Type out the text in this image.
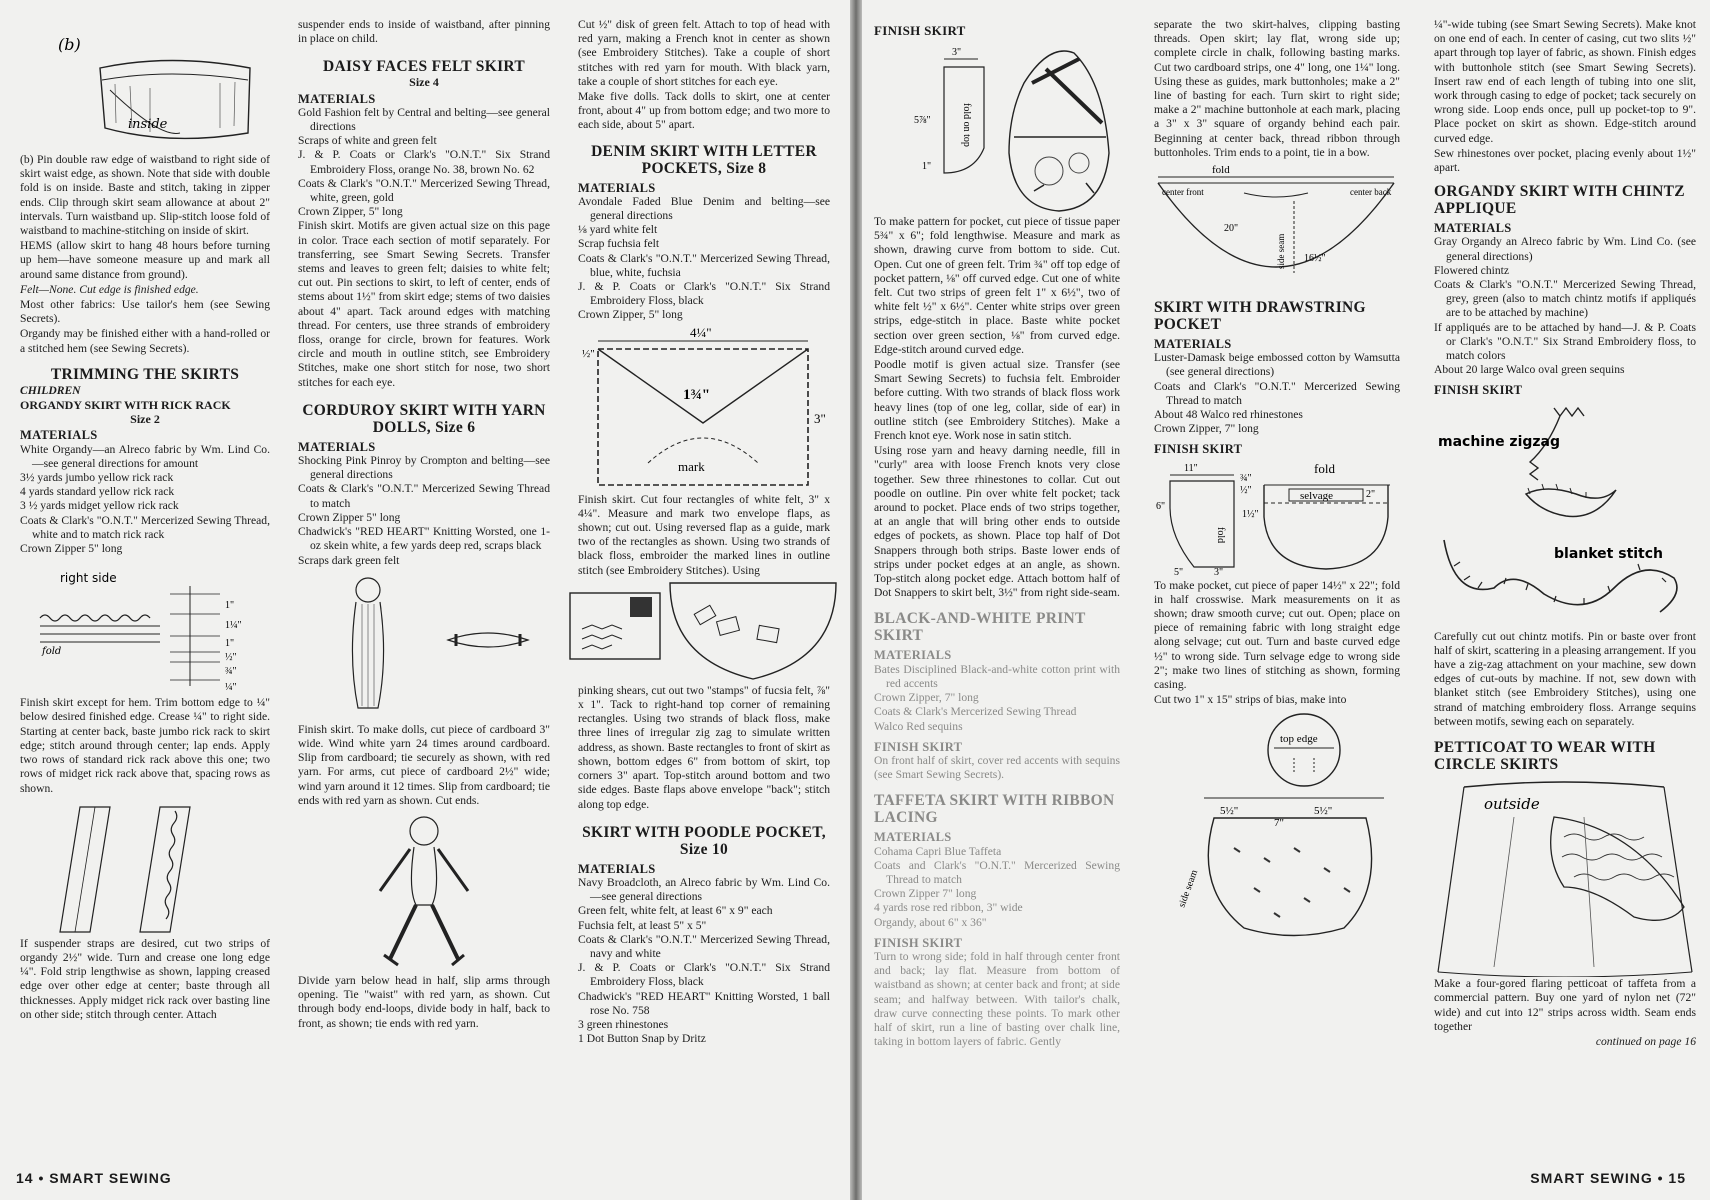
(b)
inside

(b) Pin double raw edge of waistband to right side of skirt waist edge, as shown. Note that side with double fold is on inside. Baste and stitch, taking in zipper ends. Clip through skirt seam allowance at about 2" intervals. Turn waistband up. Slip-stitch loose fold of waistband to machine-stitching on inside of skirt.

HEMS (allow skirt to hang 48 hours before turning up hem—have someone measure up and mark all around same distance from ground).

Felt—None. Cut edge is finished edge.

Most other fabrics: Use tailor's hem (see Sewing Secrets).

Organdy may be finished either with a hand-rolled or a stitched hem (see Sewing Secrets).

TRIMMING THE SKIRTS
CHILDREN
ORGANDY SKIRT WITH RICK RACK
Size 2
MATERIALS
White Organdy—an Alreco fabric by Wm. Lind Co.—see general directions for amount
3½ yards jumbo yellow rick rack
4 yards standard yellow rick rack
3 ½ yards midget yellow rick rack
Coats & Clark's "O.N.T." Mercerized Sewing Thread, white and to match rick rack
Crown Zipper 5" long
right side
fold
1"
1¼"
1"
½"
¾"
¼"

Finish skirt except for hem. Trim bottom edge to ¼" below desired finished edge. Crease ¼" to right side. Starting at center back, baste jumbo rick rack to skirt edge; stitch around through center; lap ends. Apply two rows of standard rick rack above this one; two rows of midget rick rack above that, spacing rows as shown.

If suspender straps are desired, cut two strips of organdy 2½" wide. Turn and crease one long edge ¼". Fold strip lengthwise as shown, lapping creased edge over other edge at center; baste through all thicknesses. Apply midget rick rack over basting line on other side; stitch through center. Attach

suspender ends to inside of waistband, after pinning in place on child.

DAISY FACES FELT SKIRT
Size 4
MATERIALS
Gold Fashion felt by Central and belting—see general directions
Scraps of white and green felt
J. & P. Coats or Clark's "O.N.T." Six Strand Embroidery Floss, orange No. 38, brown No. 62
Coats & Clark's "O.N.T." Mercerized Sewing Thread, white, green, gold
Crown Zipper, 5" long

Finish skirt. Motifs are given actual size on this page in color. Trace each section of motif separately. For transferring, see Smart Sewing Secrets. Transfer stems and leaves to green felt; daisies to white felt; cut out. Pin sections to skirt, to left of center, ends of stems about 1½" from skirt edge; stems of two daisies about 4" apart. Tack around edges with matching thread. For centers, use three strands of embroidery floss, orange for circle, brown for features. Work circle and mouth in outline stitch, see Embroidery Stitches, make one short stitch for nose, two short stitches for each eye.

CORDUROY SKIRT WITH YARN DOLLS, Size 6
MATERIALS
Shocking Pink Pinroy by Crompton and belting—see general directions
Coats & Clark's "O.N.T." Mercerized Sewing Thread to match
Crown Zipper 5" long
Chadwick's "RED HEART" Knitting Worsted, one 1-oz skein white, a few yards deep red, scraps black
Scraps dark green felt

Finish skirt. To make dolls, cut piece of cardboard 3" wide. Wind white yarn 24 times around cardboard. Slip from cardboard; tie securely as shown, with red yarn. For arms, cut piece of cardboard 2½" wide; wind yarn around it 12 times. Slip from cardboard; tie ends with red yarn as shown. Cut ends.

Divide yarn below head in half, slip arms through opening. Tie "waist" with red yarn, as shown. Cut through body end-loops, divide body in half, back to front, as shown; tie ends with red yarn.

Cut ½" disk of green felt. Attach to top of head with red yarn, making a French knot in center as shown (see Embroidery Stitches). Take a couple of short stitches with red yarn for mouth. With black yarn, take a couple of short stitches for each eye.

Make five dolls. Tack dolls to skirt, one at center front, about 4" up from bottom edge; and two more to each side, about 5" apart.

DENIM SKIRT WITH LETTER POCKETS, Size 8
MATERIALS
Avondale Faded Blue Denim and belting—see general directions
⅛ yard white felt
Scrap fuchsia felt
Coats & Clark's "O.N.T." Mercerized Sewing Thread, blue, white, fuchsia
J. & P. Coats or Clark's "O.N.T." Six Strand Embroidery Floss, black
Crown Zipper, 5" long
4¼"
½"
1¾"
mark
3"

Finish skirt. Cut four rectangles of white felt, 3" x 4¼". Measure and mark two envelope flaps, as shown; cut out. Using reversed flap as a guide, mark two of the rectangles as shown. Using two strands of black floss, embroider the marked lines in outline stitch (see Embroidery Stitches). Using

pinking shears, cut out two "stamps" of fucsia felt, ⅞" x 1". Tack to right-hand top corner of remaining rectangles. Using two strands of black floss, make three lines of irregular zig zag to simulate written address, as shown. Baste rectangles to front of skirt as shown, bottom edges 6" from bottom of skirt, top corners 3" apart. Top-stitch around bottom and two side edges. Baste flaps above envelope "back"; stitch along top edge.

SKIRT WITH POODLE POCKET, Size 10
MATERIALS
Navy Broadcloth, an Alreco fabric by Wm. Lind Co.—see general directions
Green felt, white felt, at least 6" x 9" each
Fuchsia felt, at least 5" x 5"
Coats & Clark's "O.N.T." Mercerized Sewing Thread, navy and white
J. & P. Coats or Clark's "O.N.T." Six Strand Embroidery Floss, black
Chadwick's "RED HEART" Knitting Worsted, 1 ball rose No. 758
3 green rhinestones
1 Dot Button Snap by Dritz
14 • SMART SEWING
FINISH SKIRT
3"
5⅞"	fold on top
1"

To make pattern for pocket, cut piece of tissue paper 5¾" x 6"; fold lengthwise. Measure and mark as shown, drawing curve from bottom to side. Cut. Open. Cut one of green felt. Trim ¾" off top edge of pocket pattern, ⅛" off curved edge. Cut one of white felt. Cut two strips of green felt 1" x 6½", two of white felt ½" x 6½". Center white strips over green strips, edge-stitch in place. Baste white pocket section over green section, ⅛" from curved edge. Edge-stitch around curved edge.

Poodle motif is given actual size. Transfer (see Smart Sewing Secrets) to fuchsia felt. Embroider before cutting. With two strands of black floss work heavy lines (top of one leg, collar, side of ear) in outline stitch (see Embroidery Stitches). Make a French knot eye. Work nose in satin stitch.

Using rose yarn and heavy darning needle, fill in "curly" area with loose French knots very close together. Sew three rhinestones to collar. Cut out poodle on outline. Pin over white felt pocket; tack around to pocket. Place ends of two strips together, at an angle that will bring other ends to outside edges of pockets, as shown. Place top half of Dot Snappers through both strips. Baste lower ends of strips under pocket edges at an angle, as shown. Top-stitch along pocket edge. Attach bottom half of Dot Snappers to skirt belt, 3½" from right side-seam.

BLACK-AND-WHITE PRINT SKIRT
MATERIALS
Bates Disciplined Black-and-white cotton print with red accents
Crown Zipper, 7" long
Coats & Clark's Mercerized Sewing Thread
Walco Red sequins
FINISH SKIRT

On front half of skirt, cover red accents with sequins (see Smart Sewing Secrets).

TAFFETA SKIRT WITH RIBBON LACING
MATERIALS
Cohama Capri Blue Taffeta
Coats and Clark's "O.N.T." Mercerized Sewing Thread to match
Crown Zipper 7" long
4 yards rose red ribbon, 3" wide
Organdy, about 6" x 36"
FINISH SKIRT

Turn to wrong side; fold in half through center front and back; lay flat. Measure from bottom of waistband as shown; at center back and front; at side seam; and halfway between. With tailor's chalk, draw curve connecting these points. To mark other half of skirt, run a line of basting over chalk line, taking in bottom layers of fabric. Gently

separate the two skirt-halves, clipping basting threads. Open skirt; lay flat, wrong side up; complete circle in chalk, following basting marks. Cut two cardboard strips, one 4" long, one 1¼" long. Using these as guides, mark buttonholes; make a 2" line of basting for each. Turn skirt to right side; make a 2" machine buttonhole at each mark, placing a 3" x 3" square of organdy behind each pair. Beginning at center back, thread ribbon through buttonholes. Trim ends to a point, tie in a bow.

fold
center front	center back
side seam
20"
16½"
SKIRT WITH DRAWSTRING POCKET
MATERIALS
Luster-Damask beige embossed cotton by Wamsutta (see general directions)
Coats and Clark's "O.N.T." Mercerized Sewing Thread to match
About 48 Walco red rhinestones
Crown Zipper, 7" long
FINISH SKIRT
11"
6"
5"	3"
¾"
½"
fold
fold
selvage	2"
1½"

To make pocket, cut piece of paper 14½" x 22"; fold in half crosswise. Mark measurements on it as shown; draw smooth curve; cut out. Open; place on piece of remaining fabric with long straight edge along selvage; cut out. Turn and baste curved edge ½" to wrong side. Turn selvage edge to wrong side 2"; make two lines of stitching as shown, forming casing.

Cut two 1" x 15" strips of bias, make into

top edge
5½"	5½"
7"
side seam

¼"-wide tubing (see Smart Sewing Secrets). Make knot on one end of each. In center of casing, cut two slits ½" apart through top layer of fabric, as shown. Finish edges with buttonhole stitch (see Smart Sewing Secrets). Insert raw end of each length of tubing into one slit, work through casing to edge of pocket; tack securely on wrong side. Loop ends once, pull up pocket-top to 9". Place pocket on skirt as shown. Edge-stitch around curved edge.

Sew rhinestones over pocket, placing evenly about 1½" apart.

ORGANDY SKIRT WITH CHINTZ APPLIQUE
MATERIALS
Gray Organdy an Alreco fabric by Wm. Lind Co. (see general directions)
Flowered chintz
Coats & Clark's "O.N.T." Mercerized Sewing Thread, grey, green (also to match chintz motifs if appliqués are to be attached by machine)
If appliqués are to be attached by hand—J. & P. Coats or Clark's "O.N.T." Six Strand Embroidery floss, to match colors
About 20 large Walco oval green sequins
FINISH SKIRT
machine zigzag
blanket stitch

Carefully cut out chintz motifs. Pin or baste over front half of skirt, scattering in a pleasing arrangement. If you have a zig-zag attachment on your machine, sew down edges of cut-outs by machine. If not, sew down with blanket stitch (see Embroidery Stitches), using one strand of matching embroidery floss. Arrange sequins between motifs, sewing each on separately.

PETTICOAT TO WEAR WITH CIRCLE SKIRTS
outside

Make a four-gored flaring petticoat of taffeta from a commercial pattern. Buy one yard of nylon net (72" wide) and cut into 12" strips across width. Seam ends together

continued on page 16

SMART SEWING • 15
